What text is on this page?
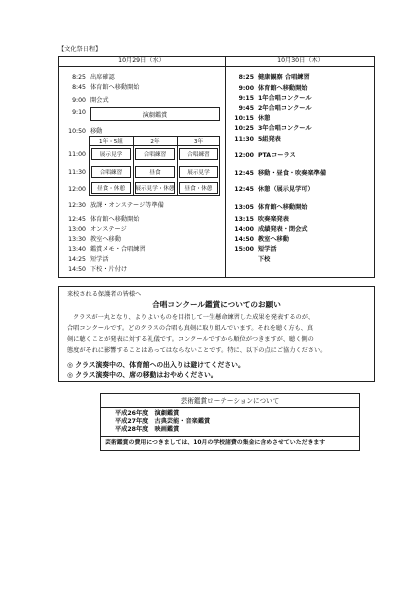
【文化祭日程】
10月29日（水）	10月30日（木）
8:25 出席確認
8:45 体育館へ移動開始
9:00 開会式
9:10	演劇鑑賞
10:50 移動
1年・5組	2年	3年
11:00	展示見学	合唱練習	合唱練習
11:30	合唱練習	昼食	展示見学
12:00	昼食・休憩	展示見学・休憩	昼食・休憩
12:30 放課・オンステージ等準備
12:45 体育館へ移動開始
13:00 オンステージ
13:30 教室へ移動
13:40 鑑賞メモ・合唱練習
14:25 短学活
14:50 下校・片付け
8:25 健康観察 合唱練習
9:00 体育館へ移動開始
9:15 1年合唱コンクール
9:45 2年合唱コンクール
10:15 休憩
10:25 3年合唱コンクール
11:30 5組発表
12:00 PTAコーラス
12:45 移動・昼食・吹奏楽準備
12:45 休憩（展示見学可）
13:05 体育館へ移動開始
13:15 吹奏楽発表
14:00 成績発表・閉会式
14:50 教室へ移動
15:00 短学活
下校
来校される保護者の皆様へ
合唱コンクール鑑賞についてのお願い
クラスが一丸となり、よりよいものを目指して一生懸命練習した成果を発表するのが、
合唱コンクールです。どのクラスの合唱も真剣に取り組んでいます。それを聴く方も、真
剣に聴くことが発表に対する礼儀です。コンクールですから順位がつきますが、聴く側の
態度がそれに影響することはあってはならないことです。特に、以下の点にご協力ください。
◎ クラス演奏中の、体育館への出入りは避けてください。
◎ クラス演奏中の、席の移動はおやめください。
芸術鑑賞ローテーションについて
平成26年度　演劇鑑賞
平成27年度　古典芸能・音楽鑑賞
平成28年度　映画鑑賞
芸術鑑賞の費用につきましては、10月の学校諸費の集金に含めさせていただきます
